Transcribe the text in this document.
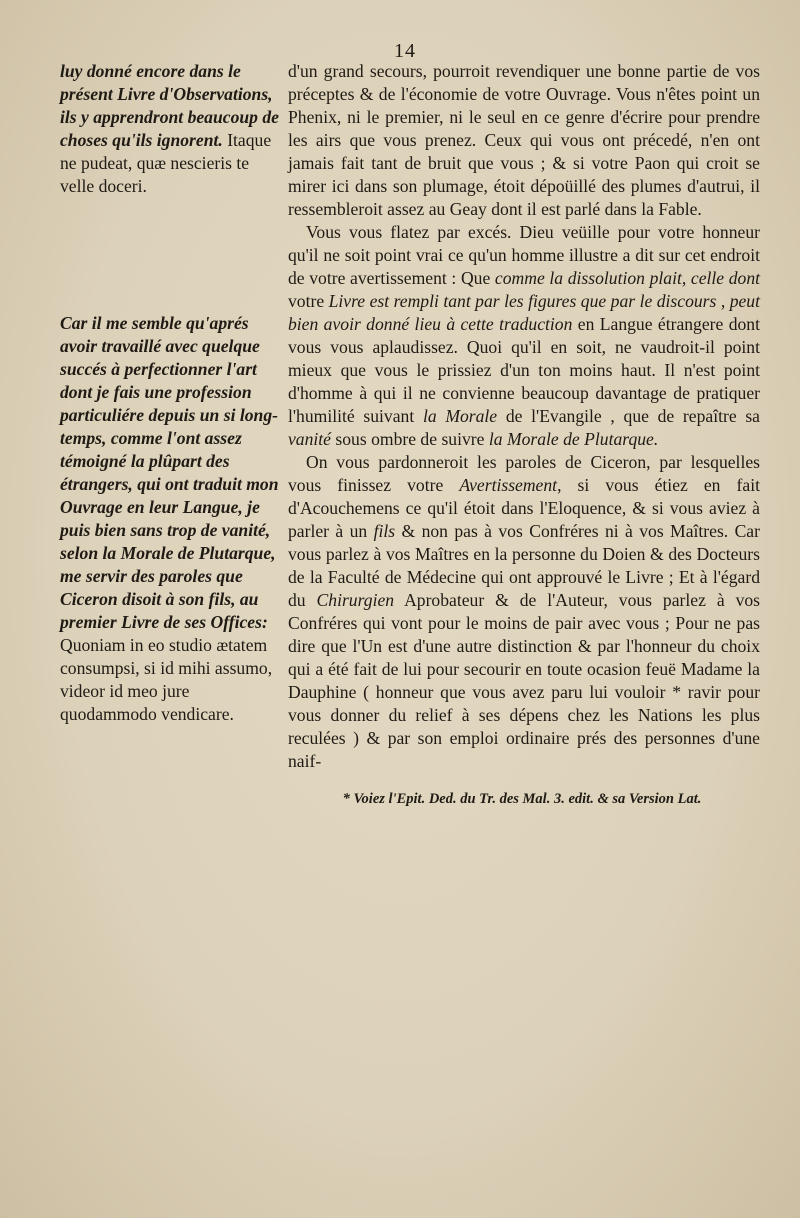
14
luy donné encore dans le présent Livre d'Observations, ils y apprendront beaucoup de choses qu'ils ignorent. Itaque ne pudeat, quæ nescieris te velle doceri.
Car il me semble qu'aprés avoir travaillé avec quelque succés à perfectionner l'art dont je fais une profession particuliére depuis un si long-temps, comme l'ont assez témoigné la plûpart des étrangers, qui ont traduit mon Ouvrage en leur Langue, je puis bien sans trop de vanité, selon la Morale de Plutarque, me servir des paroles que Ciceron disoit à son fils, au premier Livre de ses Offices: Quoniam in eo studio ætatem consumpsi, si id mihi assumo, videor id meo jure quodammodo vendicare.

d'un grand secours, pourroit revendiquer une bonne partie de vos préceptes & de l'économie de votre Ouvrage. Vous n'êtes point un Phenix, ni le premier, ni le seul en ce genre d'écrire pour prendre les airs que vous prenez. Ceux qui vous ont précedé, n'en ont jamais fait tant de bruit que vous ; & si votre Paon qui croit se mirer ici dans son plumage, étoit dépoüillé des plumes d'autrui, il ressembleroit assez au Geay dont il est parlé dans la Fable.

Vous vous flatez par excés. Dieu veüille pour votre honneur qu'il ne soit point vrai ce qu'un homme illustre a dit sur cet endroit de votre avertissement : Que comme la dissolution plait, celle dont votre Livre est rempli tant par les figures que par le discours , peut bien avoir donné lieu à cette traduction en Langue étrangere dont vous vous aplaudissez. Quoi qu'il en soit, ne vaudroit-il point mieux que vous le prissiez d'un ton moins haut. Il n'est point d'homme à qui il ne convienne beaucoup davantage de pratiquer l'humilité suivant la Morale de l'Evangile , que de repaître sa vanité sous ombre de suivre la Morale de Plutarque.

On vous pardonneroit les paroles de Ciceron, par lesquelles vous finissez votre Avertissement, si vous étiez en fait d'Acouchemens ce qu'il étoit dans l'Eloquence, & si vous aviez à parler à un fils & non pas à vos Confréres ni à vos Maîtres. Car vous parlez à vos Maîtres en la personne du Doien & des Docteurs de la Faculté de Médecine qui ont approuvé le Livre ; Et à l'égard du Chirurgien Aprobateur & de l'Auteur, vous parlez à vos Confréres qui vont pour le moins de pair avec vous ; Pour ne pas dire que l'Un est d'une autre distinction & par l'honneur du choix qui a été fait de lui pour secourir en toute ocasion feuë Madame la Dauphine ( honneur que vous avez paru lui vouloir * ravir pour vous donner du relief à ses dépens chez les Nations les plus reculées ) & par son emploi ordinaire prés des personnes d'une naif-

* Voiez l'Epit. Ded. du Tr. des Mal. 3. edit. & sa Version Lat.
